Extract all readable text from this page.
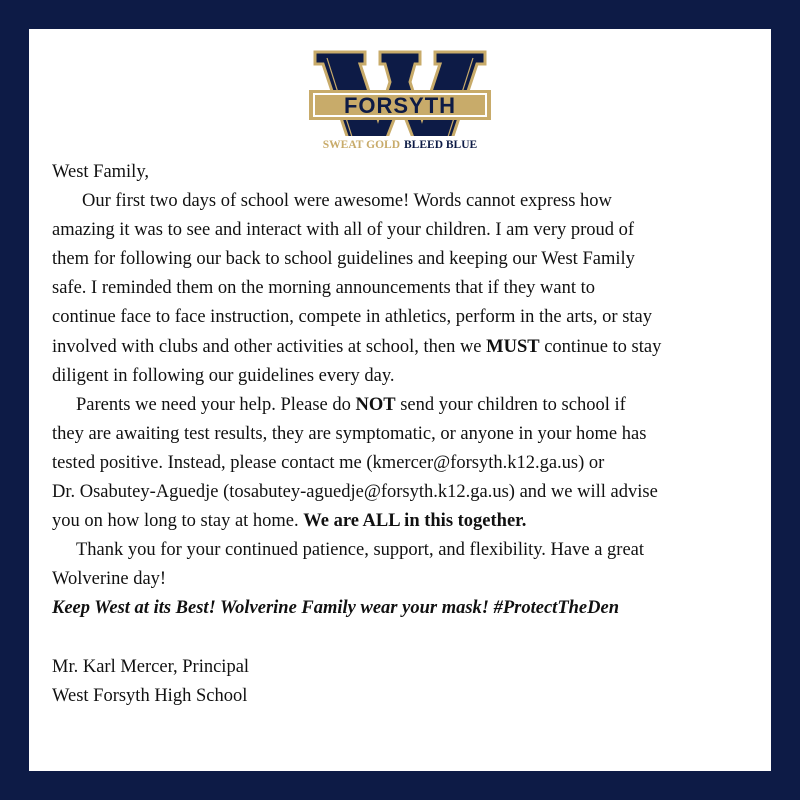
FORSYTH
SWEAT GOLD BLEED BLUE
West Family,
Our first two days of school were awesome! Words cannot express how
amazing it was to see and interact with all of your children. I am very proud of
them for following our back to school guidelines and keeping our West Family
safe. I reminded them on the morning announcements that if they want to
continue face to face instruction, compete in athletics, perform in the arts, or stay
involved with clubs and other activities at school, then we MUST continue to stay
diligent in following our guidelines every day.
Parents we need your help. Please do NOT send your children to school if
they are awaiting test results, they are symptomatic, or anyone in your home has
tested positive. Instead, please contact me (kmercer@forsyth.k12.ga.us) or
Dr. Osabutey-Aguedje (tosabutey-aguedje@forsyth.k12.ga.us) and we will advise
you on how long to stay at home. We are ALL in this together.
Thank you for your continued patience, support, and flexibility. Have a great
Wolverine day!
Keep West at its Best! Wolverine Family wear your mask! #ProtectTheDen
Mr. Karl Mercer, Principal
West Forsyth High School
